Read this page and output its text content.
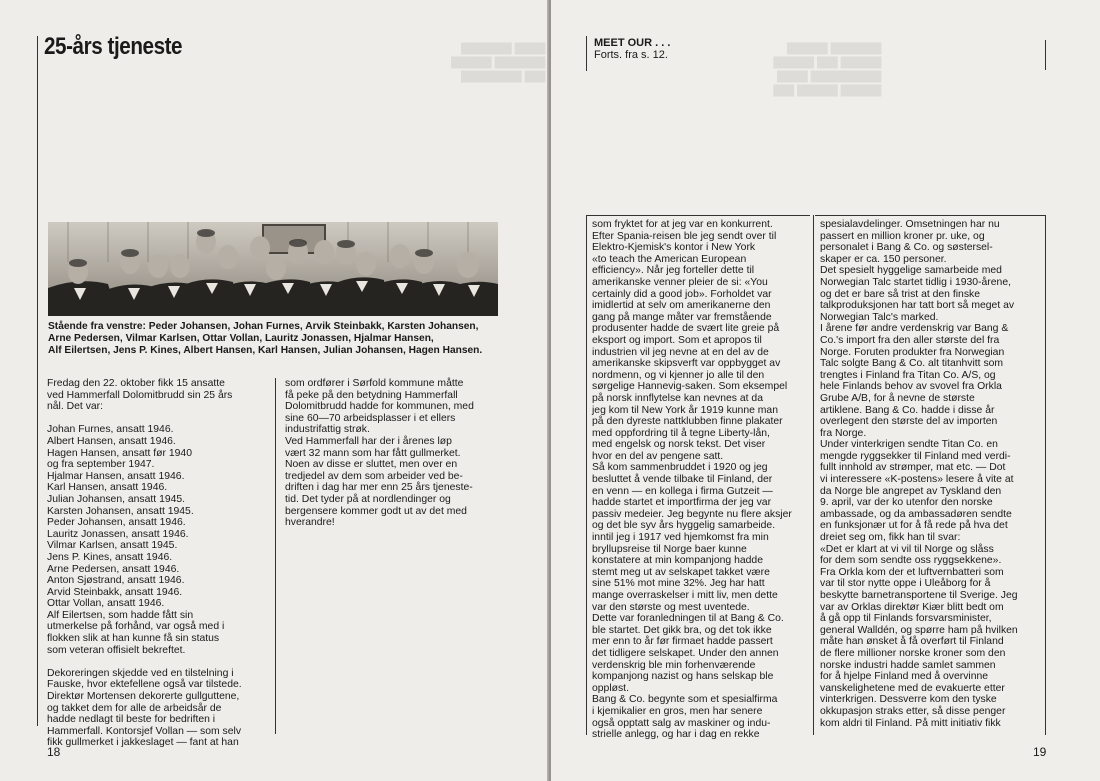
▆▆▆ ▆▆▆▆▆
▆▆▆▆▆ ▆▆▆▆
▆▆ ▆▆▆▆▆▆
25-års tjeneste
Stående fra venstre: Peder Johansen, Johan Furnes, Arvik Steinbakk, Karsten Johansen,
Arne Pedersen, Vilmar Karlsen, Ottar Vollan, Lauritz Jonassen, Hjalmar Hansen,
Alf Eilertsen, Jens P. Kines, Albert Hansen, Karl Hansen, Julian Johansen, Hagen Hansen.
Fredag den 22. oktober fikk 15 ansatte
ved Hammerfall Dolomitbrudd sin 25 års
nål. Det var:

Johan Furnes, ansatt 1946.
Albert Hansen, ansatt 1946.
Hagen Hansen, ansatt før 1940
og fra september 1947.
Hjalmar Hansen, ansatt 1946.
Karl Hansen, ansatt 1946.
Julian Johansen, ansatt 1945.
Karsten Johansen, ansatt 1945.
Peder Johansen, ansatt 1946.
Lauritz Jonassen, ansatt 1946.
Vilmar Karlsen, ansatt 1945.
Jens P. Kines, ansatt 1946.
Arne Pedersen, ansatt 1946.
Anton Sjøstrand, ansatt 1946.
Arvid Steinbakk, ansatt 1946.
Ottar Vollan, ansatt 1946.
Alf Eilertsen, som hadde fått sin
utmerkelse på forhånd, var også med i
flokken slik at han kunne få sin status
som veteran offisielt bekreftet.

Dekoreringen skjedde ved en tilstelning i
Fauske, hvor ektefellene også var tilstede.
Direktør Mortensen dekorerte gullguttene,
og takket dem for alle de arbeidsår de
hadde nedlagt til beste for bedriften i
Hammerfall. Kontorsjef Vollan — som selv
fikk gullmerket i jakkeslaget — fant at han
som ordfører i Sørfold kommune måtte
få peke på den betydning Hammerfall
Dolomitbrudd hadde for kommunen, med
sine 60—70 arbeidsplasser i et ellers
industrifattig strøk.
Ved Hammerfall har der i årenes løp
vært 32 mann som har fått gullmerket.
Noen av disse er sluttet, men over en
tredjedel av dem som arbeider ved be-
driften i dag har mer enn 25 års tjeneste-
tid. Det tyder på at nordlendinger og
bergensere kommer godt ut av det med
hverandre!
18
▆▆▆▆▆ ▆▆▆▆
▆▆▆▆ ▆▆ ▆▆▆▆
▆▆▆▆▆▆▆ ▆▆▆
▆▆▆▆ ▆▆▆▆ ▆▆
MEET OUR . . .
Forts. fra s. 12.
som fryktet for at jeg var en konkurrent.
Efter Spania-reisen ble jeg sendt over til
Elektro-Kjemisk's kontor i New York
«to teach the American European
efficiency». Når jeg forteller dette til
amerikanske venner pleier de si: «You
certainly did a good job». Forholdet var
imidlertid at selv om amerikanerne den
gang på mange måter var fremstående
produsenter hadde de svært lite greie på
eksport og import. Som et apropos til
industrien vil jeg nevne at en del av de
amerikanske skipsverft var oppbygget av
nordmenn, og vi kjenner jo alle til den
sørgelige Hannevig-saken. Som eksempel
på norsk innflytelse kan nevnes at da
jeg kom til New York år 1919 kunne man
på den dyreste nattklubben finne plakater
med oppfordring til å tegne Liberty-lån,
med engelsk og norsk tekst. Det viser
hvor en del av pengene satt.
Så kom sammenbruddet i 1920 og jeg
besluttet å vende tilbake til Finland, der
en venn — en kollega i firma Gutzeit —
hadde startet et importfirma der jeg var
passiv medeier. Jeg begynte nu flere aksjer
og det ble syv års hyggelig samarbeide.
inntil jeg i 1917 ved hjemkomst fra min
bryllupsreise til Norge baer kunne
konstatere at min kompanjong hadde
stemt meg ut av selskapet takket være
sine 51% mot mine 32%. Jeg har hatt
mange overraskelser i mitt liv, men dette
var den største og mest uventede.
Dette var foranledningen til at Bang & Co.
ble startet. Det gikk bra, og det tok ikke
mer enn to år før firmaet hadde passert
det tidligere selskapet. Under den annen
verdenskrig ble min forhenværende
kompanjong nazist og hans selskap ble
oppløst.
Bang & Co. begynte som et spesialfirma
i kjemikalier en gros, men har senere
også opptatt salg av maskiner og indu-
strielle anlegg, og har i dag en rekke
spesialavdelinger. Omsetningen har nu
passert en million kroner pr. uke, og
personalet i Bang & Co. og søstersel-
skaper er ca. 150 personer.
Det spesielt hyggelige samarbeide med
Norwegian Talc startet tidlig i 1930-årene,
og det er bare så trist at den finske
talkproduksjonen har tatt bort så meget av
Norwegian Talc's marked.
I årene før andre verdenskrig var Bang &
Co.'s import fra den aller største del fra
Norge. Foruten produkter fra Norwegian
Talc solgte Bang & Co. alt titanhvitt som
trengtes i Finland fra Titan Co. A/S, og
hele Finlands behov av svovel fra Orkla
Grube A/B, for å nevne de største
artiklene. Bang & Co. hadde i disse år
overlegent den største del av importen
fra Norge.
Under vinterkrigen sendte Titan Co. en
mengde ryggsekker til Finland med verdi-
fullt innhold av strømper, mat etc. — Dot
vi interessere «K-postens» lesere å vite at
da Norge ble angrepet av Tyskland den
9. april, var der ko utenfor den norske
ambassade, og da ambassadøren sendte
en funksjonær ut for å få rede på hva det
dreiet seg om, fikk han til svar:
«Det er klart at vi vil til Norge og slåss
for dem som sendte oss ryggsekkene».
Fra Orkla kom der et luftvernbatteri som
var til stor nytte oppe i Uleåborg for å
beskytte barnetransportene til Sverige. Jeg
var av Orklas direktør Kiær blitt bedt om
å gå opp til Finlands forsvarsminister,
general Walldén, og spørre ham på hvilken
måte han ønsket å få overført til Finland
de flere millioner norske kroner som den
norske industri hadde samlet sammen
for å hjelpe Finland med å overvinne
vanskelighetene med de evakuerte etter
vinterkrigen. Dessverre kom den tyske
okkupasjon straks etter, så disse penger
kom aldri til Finland. På mitt initiativ fikk
19
